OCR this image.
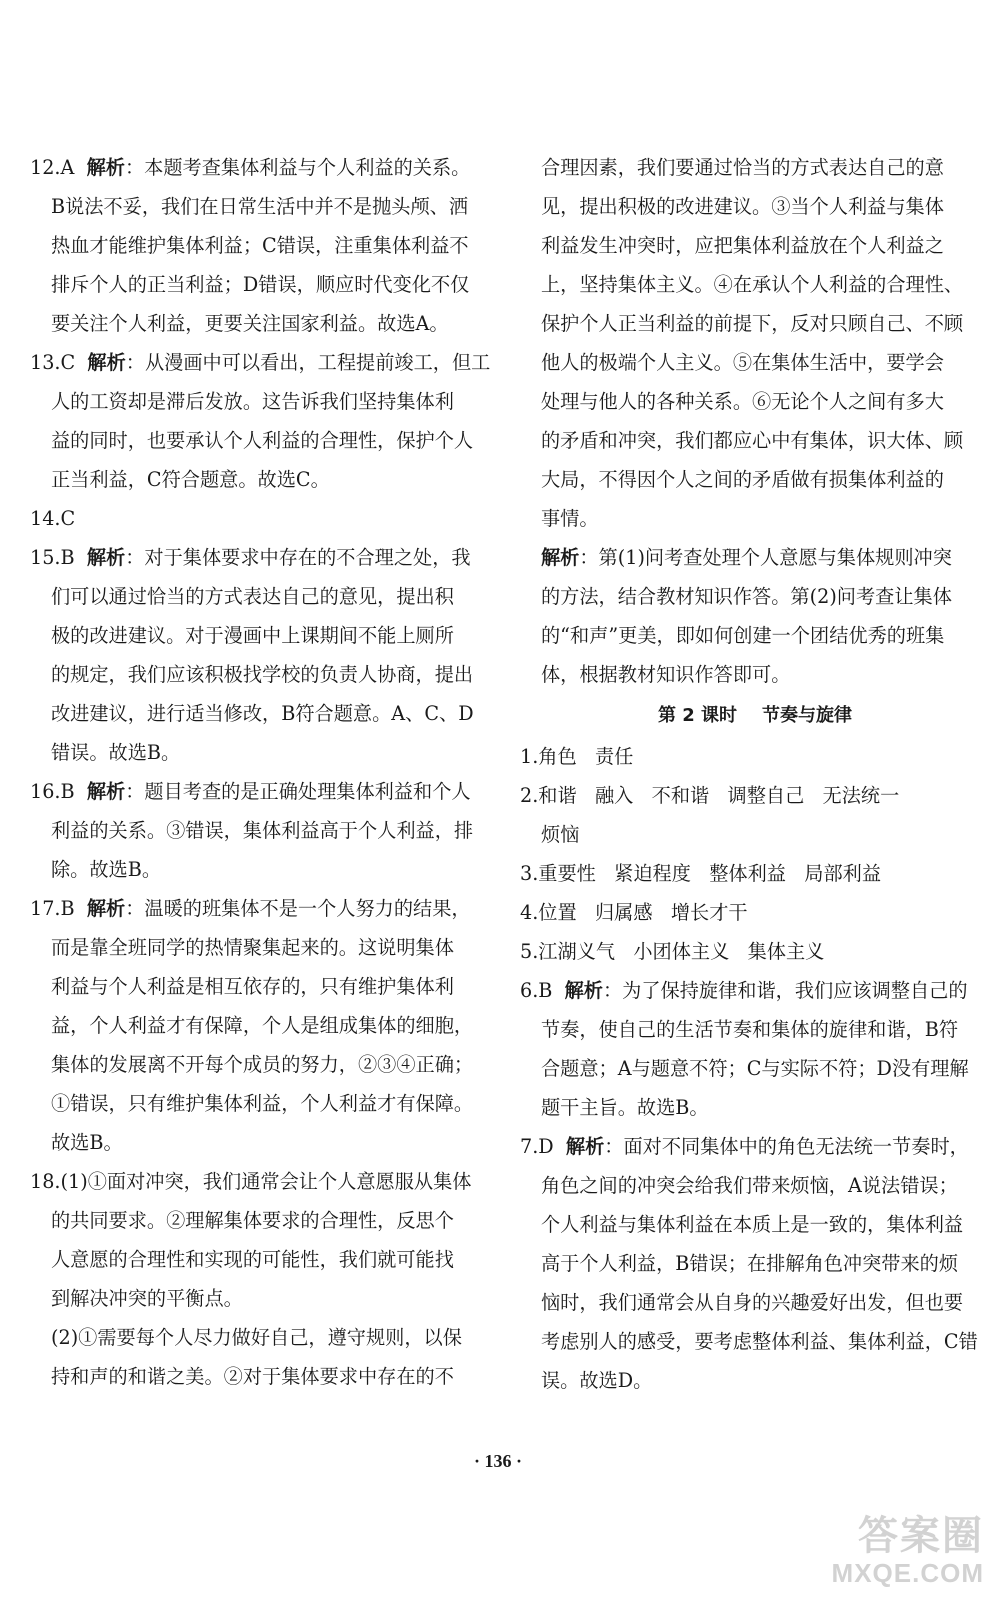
12.A 解析：本题考查集体利益与个人利益的关系。

B说法不妥，我们在日常生活中并不是抛头颅、洒

热血才能维护集体利益；C错误，注重集体利益不

排斥个人的正当利益；D错误，顺应时代变化不仅

要关注个人利益，更要关注国家利益。故选A。

13.C 解析：从漫画中可以看出，工程提前竣工，但工

人的工资却是滞后发放。这告诉我们坚持集体利

益的同时，也要承认个人利益的合理性，保护个人

正当利益，C符合题意。故选C。

14.C

15.B 解析：对于集体要求中存在的不合理之处，我

们可以通过恰当的方式表达自己的意见，提出积

极的改进建议。对于漫画中上课期间不能上厕所

的规定，我们应该积极找学校的负责人协商，提出

改进建议，进行适当修改，B符合题意。A、C、D

错误。故选B。

16.B 解析：题目考查的是正确处理集体利益和个人

利益的关系。③错误，集体利益高于个人利益，排

除。故选B。

17.B 解析：温暖的班集体不是一个人努力的结果，

而是靠全班同学的热情聚集起来的。这说明集体

利益与个人利益是相互依存的，只有维护集体利

益，个人利益才有保障，个人是组成集体的细胞，

集体的发展离不开每个成员的努力，②③④正确；

①错误，只有维护集体利益，个人利益才有保障。

故选B。

18.(1)①面对冲突，我们通常会让个人意愿服从集体

的共同要求。②理解集体要求的合理性，反思个

人意愿的合理性和实现的可能性，我们就可能找

到解决冲突的平衡点。

(2)①需要每个人尽力做好自己，遵守规则，以保

持和声的和谐之美。②对于集体要求中存在的不

合理因素，我们要通过恰当的方式表达自己的意

见，提出积极的改进建议。③当个人利益与集体

利益发生冲突时，应把集体利益放在个人利益之

上，坚持集体主义。④在承认个人利益的合理性、

保护个人正当利益的前提下，反对只顾自己、不顾

他人的极端个人主义。⑤在集体生活中，要学会

处理与他人的各种关系。⑥无论个人之间有多大

的矛盾和冲突，我们都应心中有集体，识大体、顾

大局，不得因个人之间的矛盾做有损集体利益的

事情。

解析：第(1)问考查处理个人意愿与集体规则冲突

的方法，结合教材知识作答。第(2)问考查让集体

的“和声”更美，即如何创建一个团结优秀的班集

体，根据教材知识作答即可。

第 2 课时    节奏与旋律

1.角色   责任

2.和谐   融入   不和谐   调整自己   无法统一

烦恼

3.重要性   紧迫程度   整体利益   局部利益

4.位置   归属感   增长才干

5.江湖义气   小团体主义   集体主义

6.B 解析：为了保持旋律和谐，我们应该调整自己的

节奏，使自己的生活节奏和集体的旋律和谐，B符

合题意；A与题意不符；C与实际不符；D没有理解

题干主旨。故选B。

7.D 解析：面对不同集体中的角色无法统一节奏时，

角色之间的冲突会给我们带来烦恼，A说法错误；

个人利益与集体利益在本质上是一致的，集体利益

高于个人利益，B错误；在排解角色冲突带来的烦

恼时，我们通常会从自身的兴趣爱好出发，但也要

考虑别人的感受，要考虑整体利益、集体利益，C错

误。故选D。

· 136 ·
答案圈
MXQE.COM
